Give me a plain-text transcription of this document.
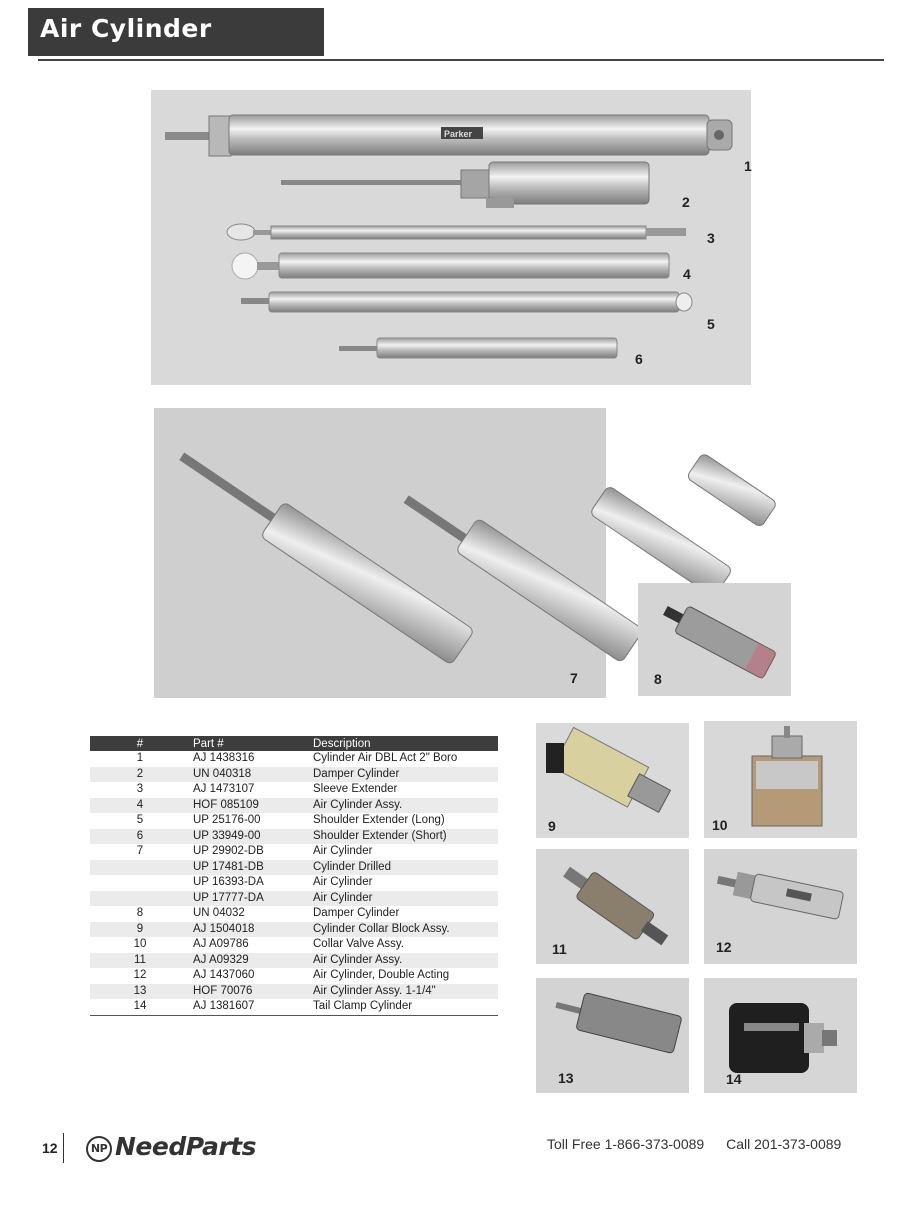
Air Cylinder
Parker
1
2
3
4
5
6
7	8
#	Part #	Description
1	AJ 1438316	Cylinder Air DBL Act 2" Boro
2	UN 040318	Damper Cylinder
3	AJ 1473107	Sleeve Extender
4	HOF 085109	Air Cylinder Assy.
5	UP 25176-00	Shoulder Extender (Long)
6	UP 33949-00	Shoulder Extender (Short)
7	UP 29902-DB	Air Cylinder
	UP 17481-DB	Cylinder Drilled
	UP 16393-DA	Air Cylinder
	UP 17777-DA	Air Cylinder
8	UN 04032	Damper Cylinder
9	AJ 1504018	Cylinder Collar Block Assy.
10	AJ A09786	Collar Valve Assy.
11	AJ A09329	Air Cylinder Assy.
12	AJ 1437060	Air Cylinder, Double Acting
13	HOF 70076	Air Cylinder Assy. 1-1/4"
14	AJ 1381607	Tail Clamp Cylinder
9	10
11	12
13	14
12	NP NeedParts	Toll Free 1-866-373-0089 Call 201-373-0089
